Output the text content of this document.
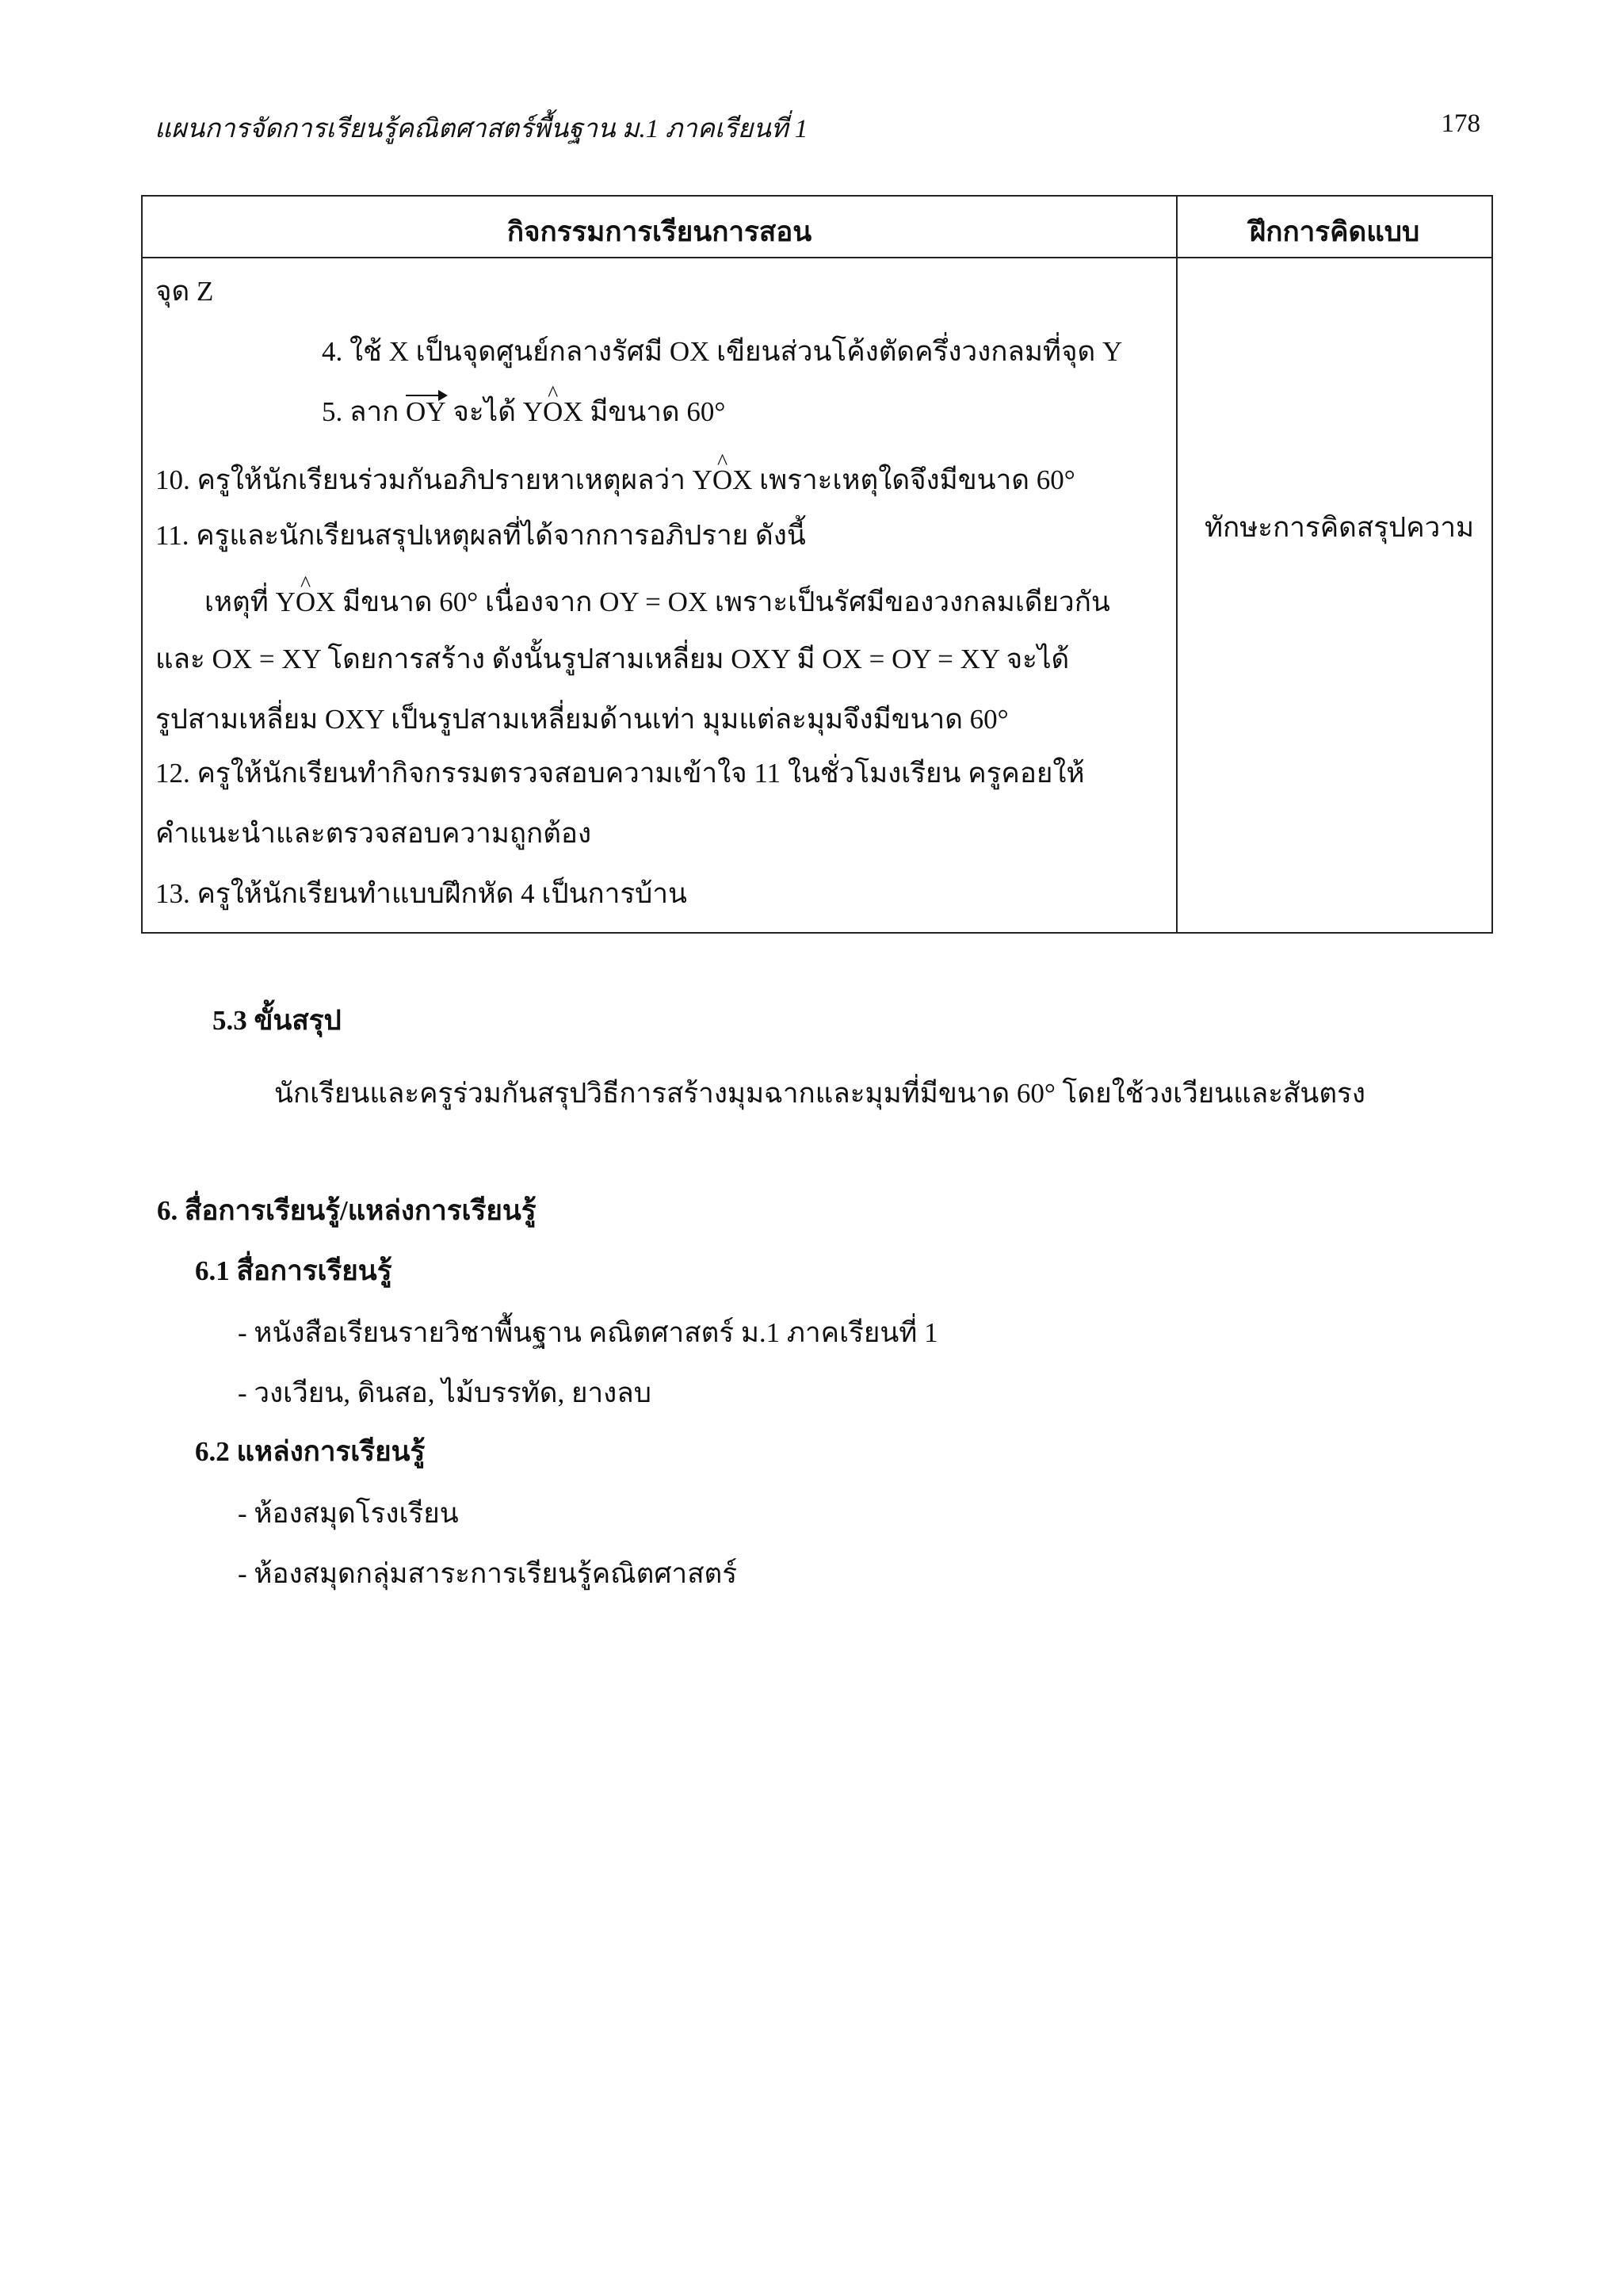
แผนการจัดการเรียนรู้คณิตศาสตร์พื้นฐาน ม.1 ภาคเรียนที่ 1	178
กิจกรรมการเรียนการสอน	ฝึกการคิดแบบ
ทักษะการคิดสรุปความ
จุด Z
4. ใช้ X เป็นจุดศูนย์กลางรัศมี OX เขียนส่วนโค้งตัดครึ่งวงกลมที่จุด Y
5. ลาก OY จะได้ Y^ OX มีขนาด 60°
10. ครูให้นักเรียนร่วมกันอภิปรายหาเหตุผลว่า Y^ OX เพราะเหตุใดจึงมีขนาด 60°
11. ครูและนักเรียนสรุปเหตุผลที่ได้จากการอภิปราย ดังนี้
เหตุที่ Y^ OX มีขนาด 60° เนื่องจาก OY = OX เพราะเป็นรัศมีของวงกลมเดียวกัน
และ OX = XY โดยการสร้าง ดังนั้นรูปสามเหลี่ยม OXY มี OX = OY = XY จะได้
รูปสามเหลี่ยม OXY เป็นรูปสามเหลี่ยมด้านเท่า มุมแต่ละมุมจึงมีขนาด 60°
12. ครูให้นักเรียนทำกิจกรรมตรวจสอบความเข้าใจ 11 ในชั่วโมงเรียน ครูคอยให้
คำแนะนำและตรวจสอบความถูกต้อง
13. ครูให้นักเรียนทำแบบฝึกหัด 4 เป็นการบ้าน
5.3 ขั้นสรุป
นักเรียนและครูร่วมกันสรุปวิธีการสร้างมุมฉากและมุมที่มีขนาด 60° โดยใช้วงเวียนและสันตรง
6. สื่อการเรียนรู้/แหล่งการเรียนรู้
6.1 สื่อการเรียนรู้
- หนังสือเรียนรายวิชาพื้นฐาน คณิตศาสตร์ ม.1 ภาคเรียนที่ 1
- วงเวียน, ดินสอ, ไม้บรรทัด, ยางลบ
6.2 แหล่งการเรียนรู้
- ห้องสมุดโรงเรียน
- ห้องสมุดกลุ่มสาระการเรียนรู้คณิตศาสตร์
